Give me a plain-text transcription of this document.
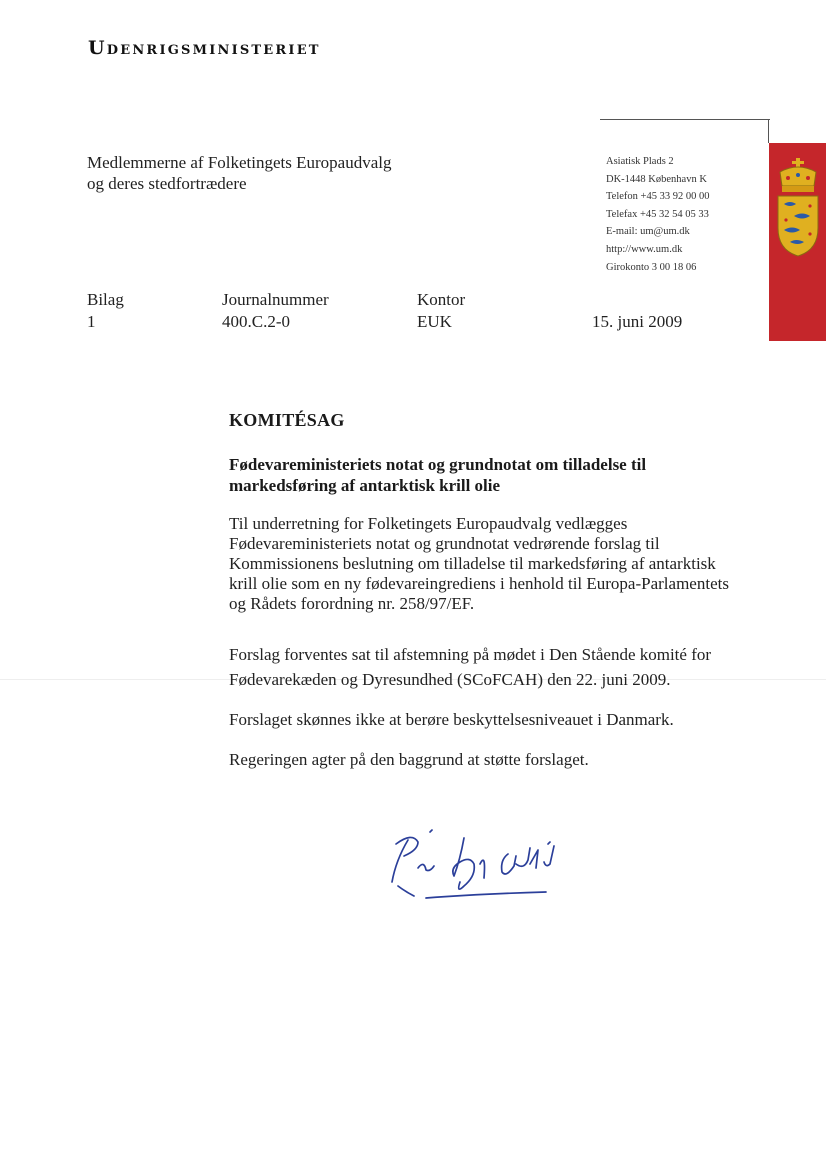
Udenrigsministeriet
Medlemmerne af Folketingets Europaudvalg
og deres stedfortrædere
Asiatisk Plads 2
DK-1448 København K
Telefon +45 33 92 00 00
Telefax +45 32 54 05 33
E-mail: um@um.dk
http://www.um.dk
Girokonto 3 00 18 06
Bilag
1
Journalnummer
400.C.2-0
Kontor
EUK	15. juni 2009
KOMITÉSAG
Fødevareministeriets notat og grundnotat om tilladelse til
markedsføring af antarktisk krill olie
Til underretning for Folketingets Europaudvalg vedlægges
Fødevareministeriets notat og grundnotat vedrørende forslag til
Kommissionens beslutning om tilladelse til markedsføring af antarktisk
krill olie som en ny fødevareingrediens i henhold til Europa-Parlamentets
og Rådets forordning nr. 258/97/EF.
Forslag forventes sat til afstemning på mødet i Den Stående komité for
Fødevarekæden og Dyresundhed (SCoFCAH) den 22. juni 2009.
Forslaget skønnes ikke at berøre beskyttelsesniveauet i Danmark.
Regeringen agter på den baggrund at støtte forslaget.
